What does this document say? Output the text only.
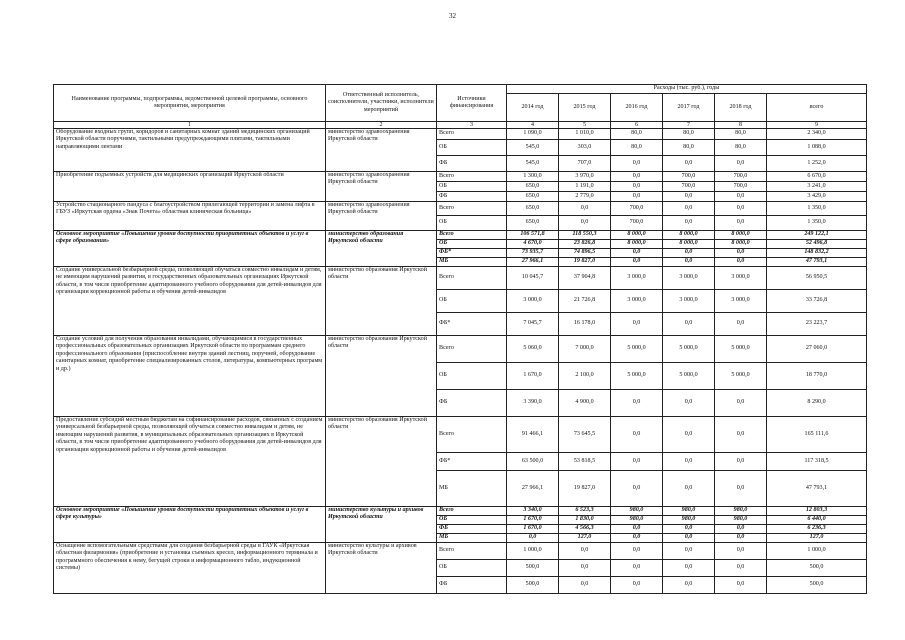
32
Наименование программы, подпрограммы, ведомственной целевой программы, основного мероприятия, мероприятия	Ответственный исполнитель, соисполнители, участники, исполнители мероприятий	Источники финансирования	Расходы (тыс. руб.), годы					
			2014 год	2015 год	2016 год	2017 год	2018 год	всего
1	2	3	4	5	6	7	8	9
Оборудование входных групп, коридоров и санитарных комнат зданий медицинских организаций Иркутской области поручнями, тактильными предупреждающими плитами, тактильными направляющими лентами	министерство здравоохранения Иркутской области	Всего	1 090,0	1 010,0	80,0	80,0	80,0	2 340,0
		ОБ	545,0	303,0	80,0	80,0	80,0	1 088,0
		ФБ	545,0	707,0	0,0	0,0	0,0	1 252,0
Приобретение подъемных устройств для медицинских организаций Иркутской области	министерство здравоохранения Иркутской области	Всего	1 300,0	3 970,0	0,0	700,0	700,0	6 670,0
		ОБ	650,0	1 191,0	0,0	700,0	700,0	3 241,0
		ФБ	650,0	2 779,0	0,0	0,0	0,0	3 429,0
Устройство стационарного пандуса с благоустройством прилегающей территории и замена лифта в ГБУЗ «Иркутская ордена «Знак Почета» областная клиническая больница»	министерство здравоохранения Иркутской области	Всего	650,0	0,0	700,0	0,0	0,0	1 350,0
		ОБ	650,0	0,0	700,0	0,0	0,0	1 350,0
Основное мероприятие «Повышение уровня доступности приоритетных объектов и услуг в сфере образования»	министерство образования Иркутской области	Всего	106 571,8	118 550,3	8 000,0	8 000,0	8 000,0	249 122,1
		ОБ	4 670,0	23 826,8	8 000,0	8 000,0	8 000,0	52 496,8
		ФБ*	73 935,7	74 896,5	0,0	0,0	0,0	148 832,2
		МБ	27 966,1	19 827,0	0,0	0,0	0,0	47 793,1
Создание универсальной безбарьерной среды, позволяющей обучаться совместно инвалидам и детям, не имеющим нарушений развития, в государственных образовательных организациях Иркутской области, в том числе приобретение адаптированного учебного оборудования для детей-инвалидов для организации коррекционной работы и обучения детей-инвалидов	министерство образования Иркутской области	Всего	10 045,7	37 904,8	3 000,0	3 000,0	3 000,0	56 950,5
		ОБ	3 000,0	21 726,8	3 000,0	3 000,0	3 000,0	33 726,8
		ФБ*	7 045,7	16 178,0	0,0	0,0	0,0	23 223,7
Создание условий для получения образования инвалидами, обучающимися в государственных профессиональных образовательных организациях Иркутской области по программам среднего профессионального образования (приспособление внутри зданий лестниц, поручней, оборудование санитарных комнат, приобретение специализированных столов, литературы, компьютерных программ и др.)	министерство образования Иркутской области	Всего	5 060,0	7 000,0	5 000,0	5 000,0	5 000,0	27 060,0
		ОБ	1 670,0	2 100,0	5 000,0	5 000,0	5 000,0	18 770,0
		ФБ	3 390,0	4 900,0	0,0	0,0	0,0	8 290,0
Предоставление субсидий местным бюджетам на софинансирование расходов, связанных с созданием универсальной безбарьерной среды, позволяющей обучаться совместно инвалидам и детям, не имеющим нарушений развития, в муниципальных образовательных организациях в Иркутской области, в том числе приобретение адаптированного учебного оборудования для детей-инвалидов для организации коррекционной работы и обучения детей-инвалидов	министерство образования Иркутской области	Всего	91 466,1	73 645,5	0,0	0,0	0,0	165 111,6
		ФБ*	63 500,0	53 818,5	0,0	0,0	0,0	117 318,5
		МБ	27 966,1	19 827,0	0,0	0,0	0,0	47 793,1
Основное мероприятие «Повышение уровня доступности приоритетных объектов и услуг в сфере культуры»	министерство культуры и архивов Иркутской области	Всего	3 340,0	6 523,3	980,0	980,0	980,0	12 803,3
		ОБ	1 670,0	1 830,0	980,0	980,0	980,0	6 440,0
		ФБ	1 670,0	4 566,3	0,0	0,0	0,0	6 236,3
		МБ	0,0	127,0	0,0	0,0	0,0	127,0
Оснащение вспомогательными средствами для создания безбарьерной среды в ГАУК «Иркутская областная филармония» (приобретение и установка съемных кресел, информационного терминала и программного обеспечения к нему, бегущей строки и информационного табло, индукционной системы)	министерство культуры и архивов Иркутской области	Всего	1 000,0	0,0	0,0	0,0	0,0	1 000,0
		ОБ	500,0	0,0	0,0	0,0	0,0	500,0
		ФБ	500,0	0,0	0,0	0,0	0,0	500,0
